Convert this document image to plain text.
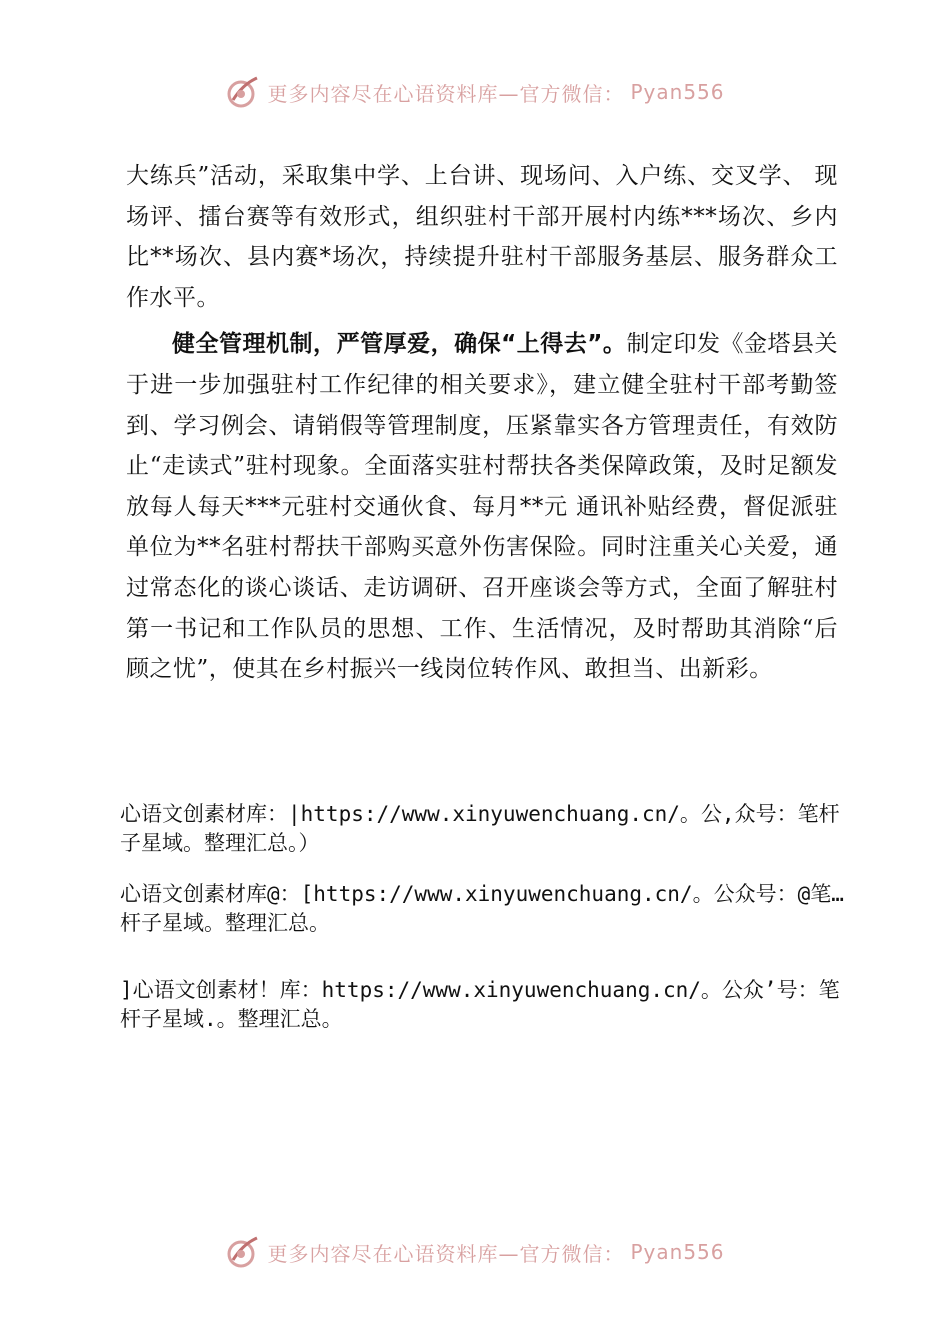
更多内容尽在心语资料库—官方微信： Pyan556

大练兵”活动，采取集中学、上台讲、现场问、入户练、交叉学、 现场评、擂台赛等有效形式，组织驻村干部开展村内练***场次、乡内比**场次、县内赛*场次，持续提升驻村干部服务基层、服务群众工作水平。

健全管理机制，严管厚爱，确保“上得去”。制定印发《金塔县关于进一步加强驻村工作纪律的相关要求》，建立健全驻村干部考勤签到、学习例会、请销假等管理制度，压紧靠实各方管理责任，有效防止“走读式”驻村现象。全面落实驻村帮扶各类保障政策，及时足额发放每人每天***元驻村交通伙食、每月**元 通讯补贴经费，督促派驻单位为**名驻村帮扶干部购买意外伤害保险。同时注重关心关爱，通过常态化的谈心谈话、走访调研、召开座谈会等方式，全面了解驻村第一书记和工作队员的思想、工作、生活情况，及时帮助其消除“后顾之忧”，使其在乡村振兴一线岗位转作风、敢担当、出新彩。

心语文创素材库：|https://www.xinyuwenchuang.cn/。公,众号：笔杆子星域。整理汇总。）

心语文创素材库@：[https://www.xinyuwenchuang.cn/。公众号：@笔…杆子星域。整理汇总。

]心语文创素材！库：https://www.xinyuwenchuang.cn/。公众’号：笔杆子星域.。整理汇总。

更多内容尽在心语资料库—官方微信： Pyan556
